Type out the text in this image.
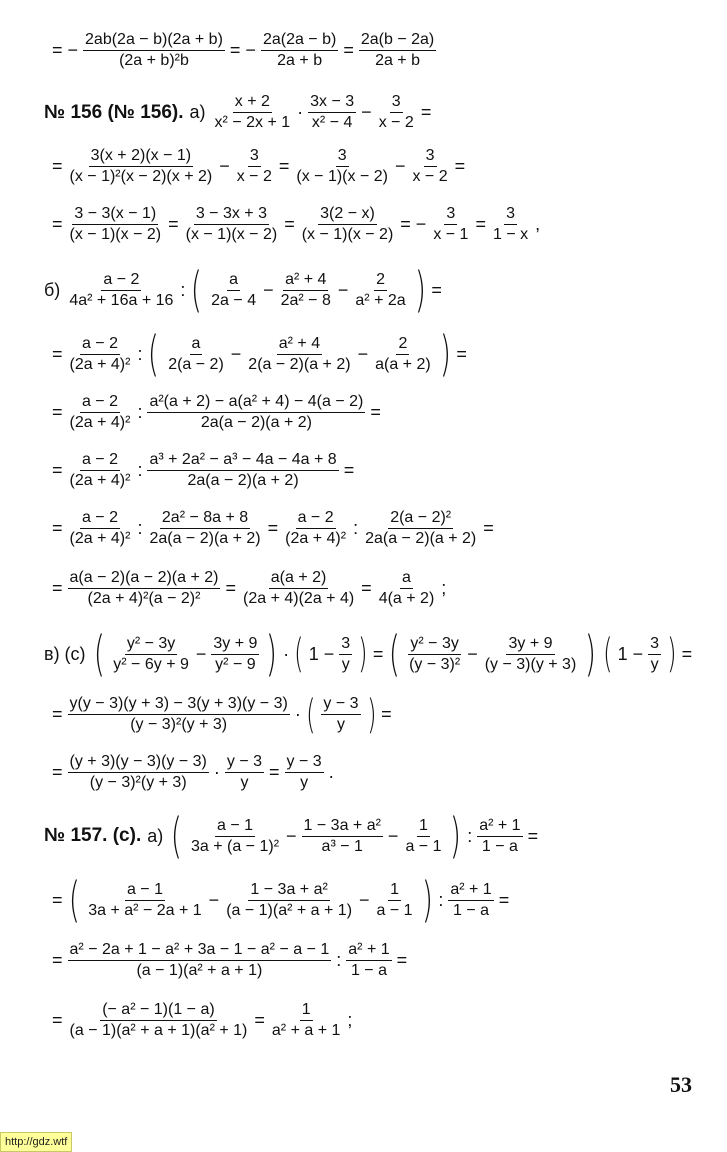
= − $\frac{2ab(2a - b)(2a + b)}{\text{(2a + b)²b}}$ = − $\frac{2a(2a - b)}{2a + b} = \frac{2a(b - 2a)}{2a + b}$
№ 156 (№ 156). $а) \frac{x + 2}{\text{x² − 2x + 1}} \cdot \frac{3x - 3}{\text{x² − 4}} - \frac{3}{x - 2}$ =
= $\frac{3(x + 2)(x - 1)}{\text{(x − 1)²(x − 2)(x + 2)}} - \frac{3}{x - 2} = \frac{3}{(x - 1)(x - 2)} - \frac{3}{x - 2}$ =
= $\frac{3 - 3(x - 1)}{(x - 1)(x - 2)} = \frac{3 - 3x + 3}{(x - 1)(x - 2)} = \frac{3(2 - x)}{(x - 1)(x - 2)}$ = − $\frac{3}{x - 1} = \frac{3}{1 - x}$ ,
$б) \frac{a - 2}{\text{4a² + 16a + 16}}$ : ( $\frac{a}{2a - 4} - \frac{\text{a² + 4}}{\text{2a² − 8}} - \frac{2}{\text{a² + 2a}}$ ) =
= $\frac{a - 2}{\text{(2a + 4)²}}$ : ( $\frac{a}{2(a - 2)} - \frac{\text{a² + 4}}{2(a - 2)(a + 2)} - \frac{2}{a(a + 2)}$ ) =
= $\frac{a - 2}{\text{(2a + 4)²}}$ : $\frac{\text{a²(a + 2) − a(a² + 4) − 4(a − 2)}}{2a(a - 2)(a + 2)}$ =
= $\frac{a - 2}{\text{(2a + 4)²}}$ : $\frac{\text{a³ + 2a² − a³ − 4a − 4a + 8}}{2a(a - 2)(a + 2)}$ =
= $\frac{a - 2}{\text{(2a + 4)²}}$ : $\frac{\text{2a² − 8a + 8}}{2a(a - 2)(a + 2)} = \frac{a - 2}{\text{(2a + 4)²}}$ : $\frac{\text{2(a − 2)²}}{2a(a - 2)(a + 2)}$ =
= $\frac{a(a - 2)(a - 2)(a + 2)}{\text{(2a + 4)²(a − 2)²}} = \frac{a(a + 2)}{(2a + 4)(2a + 4)} = \frac{a}{4(a + 2)}$ ;
в) (с) ( $\frac{\text{y² − 3y}}{\text{y² − 6y + 9}} - \frac{3y + 9}{\text{y² − 9}}$ ) · ( $1 - \frac{3}{y}$ ) = ( $\frac{\text{y² − 3y}}{\text{(y − 3)²}} - \frac{3y + 9}{(y - 3)(y + 3)}$ ) ( $1 - \frac{3}{y}$ ) =
= $\frac{y(y - 3)(y + 3) - 3(y + 3)(y - 3)}{\text{(y − 3)²(y + 3)}}$ · ( $\frac{y - 3}{y}$ ) =
= $\frac{(y + 3)(y - 3)(y - 3)}{\text{(y − 3)²(y + 3)}} \cdot \frac{y - 3}{y} = \frac{y - 3}{y}$ .
№ 157. (с). а) ( $\frac{a - 1}{\text{3a + (a − 1)²}} - \frac{\text{1 − 3a + a²}}{\text{a³ − 1}} - \frac{1}{a - 1}$ ) : $\frac{\text{a² + 1}}{1 - a}$ =
= ( $\frac{a - 1}{\text{3a + a² − 2a + 1}} - \frac{\text{1 − 3a + a²}}{\text{(a − 1)(a² + a + 1)}} - \frac{1}{a - 1}$ ) : $\frac{\text{a² + 1}}{1 - a}$ =
= $\frac{\text{a² − 2a + 1 − a² + 3a − 1 − a² − a − 1}}{\text{(a − 1)(a² + a + 1)}}$ : $\frac{\text{a² + 1}}{1 - a}$ =
= $\frac{\text{(− a² − 1)(1 − a)}}{\text{(a − 1)(a² + a + 1)(a² + 1)}} = \frac{1}{\text{a² + a + 1}}$ ;
53
http://gdz.wtf
